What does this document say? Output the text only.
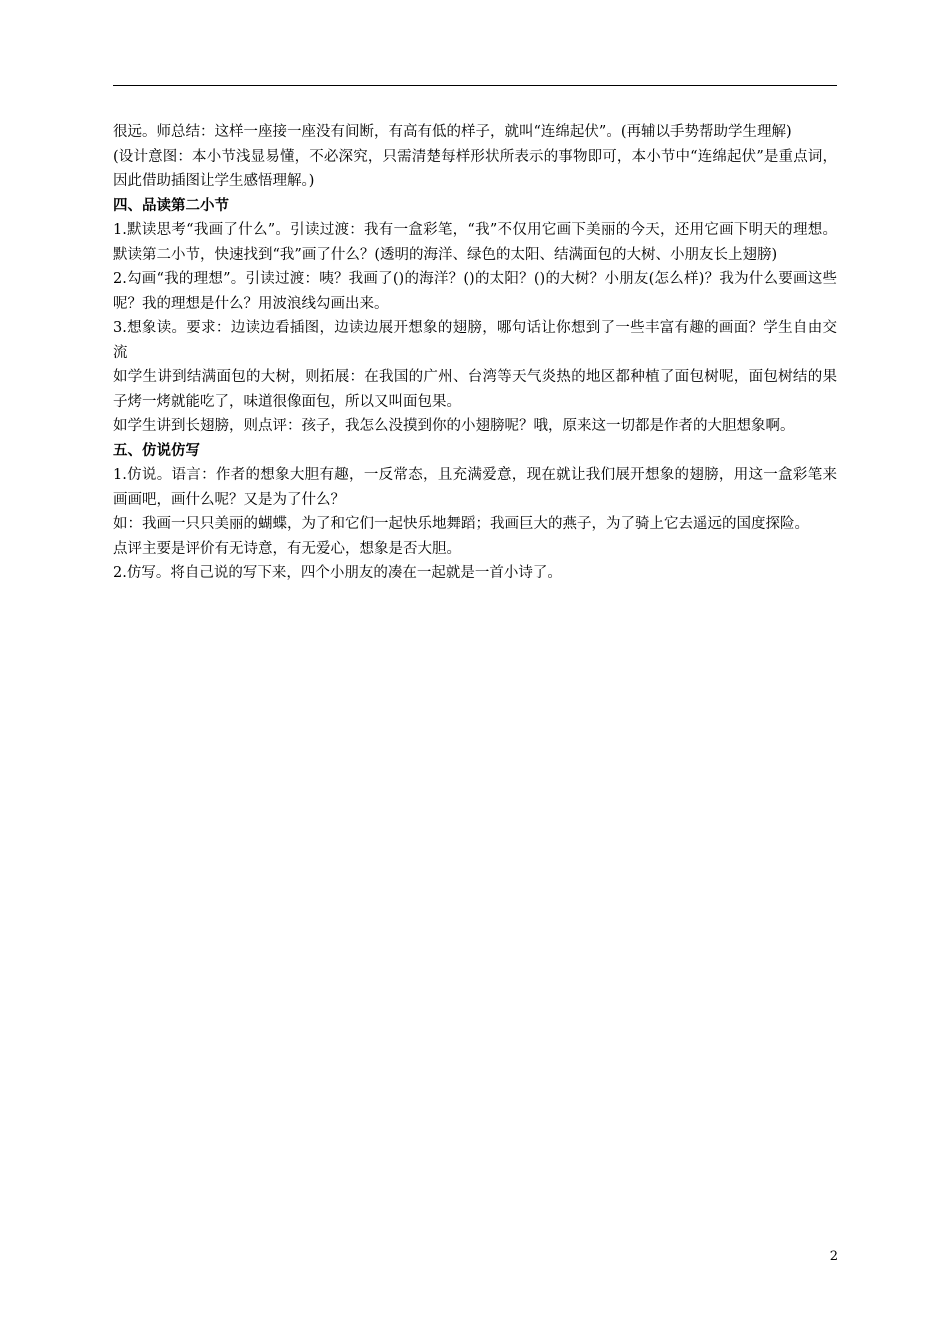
很远。师总结：这样一座接一座没有间断，有高有低的样子，就叫“连绵起伏”。(再辅以手势帮助学生理解)

(设计意图：本小节浅显易懂，不必深究，只需清楚每样形状所表示的事物即可，本小节中“连绵起伏”是重点词，因此借助插图让学生感悟理解。)

四、品读第二小节

1.默读思考“我画了什么”。引读过渡：我有一盒彩笔，“我”不仅用它画下美丽的今天，还用它画下明天的理想。默读第二小节，快速找到“我”画了什么？(透明的海洋、绿色的太阳、结满面包的大树、小朋友长上翅膀)

2.勾画“我的理想”。引读过渡：咦？我画了()的海洋？()的太阳？()的大树？小朋友(怎么样)？我为什么要画这些呢？我的理想是什么？用波浪线勾画出来。

3.想象读。要求：边读边看插图，边读边展开想象的翅膀，哪句话让你想到了一些丰富有趣的画面？学生自由交流

如学生讲到结满面包的大树，则拓展：在我国的广州、台湾等天气炎热的地区都种植了面包树呢，面包树结的果子烤一烤就能吃了，味道很像面包，所以又叫面包果。

如学生讲到长翅膀，则点评：孩子，我怎么没摸到你的小翅膀呢？哦，原来这一切都是作者的大胆想象啊。

五、仿说仿写

1.仿说。语言：作者的想象大胆有趣，一反常态，且充满爱意，现在就让我们展开想象的翅膀，用这一盒彩笔来画画吧，画什么呢？又是为了什么？

如：我画一只只美丽的蝴蝶，为了和它们一起快乐地舞蹈；我画巨大的燕子，为了骑上它去遥远的国度探险。

点评主要是评价有无诗意，有无爱心，想象是否大胆。

2.仿写。将自己说的写下来，四个小朋友的凑在一起就是一首小诗了。

2
